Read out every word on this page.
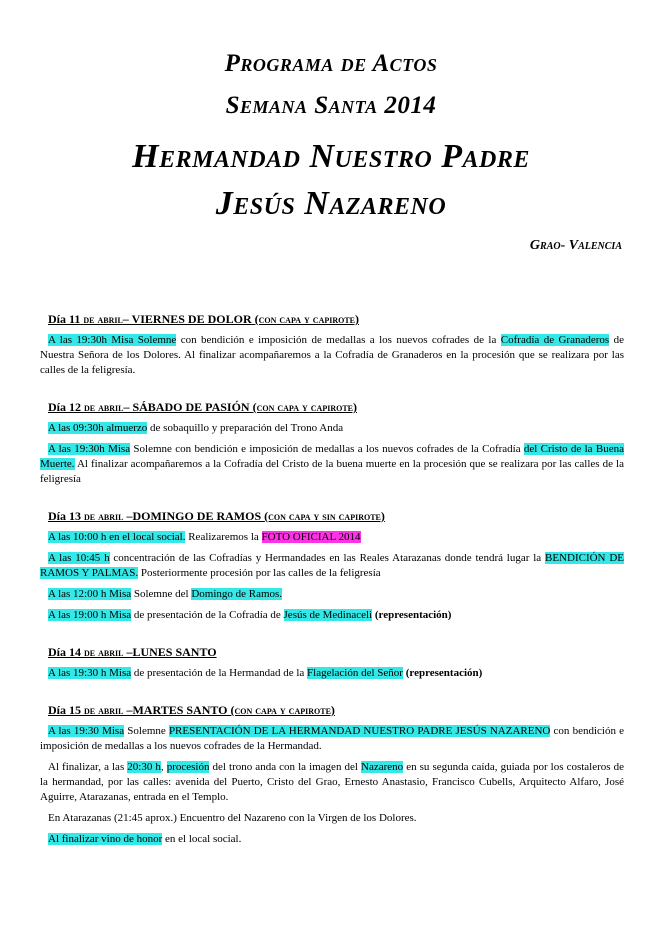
Programa de Actos
Semana Santa 2014
Hermandad Nuestro Padre
Jesús Nazareno
Grao- Valencia
Día 11 de abril– VIERNES DE DOLOR (con capa y capirote)

A las 19:30h Misa Solemne con bendición e imposición de medallas a los nuevos cofrades de la Cofradía de Granaderos de Nuestra Señora de los Dolores. Al finalizar acompañaremos a la Cofradía de Granaderos en la procesión que se realizara por las calles de la feligresía.

Día 12 de abril– SÁBADO DE PASIÓN (con capa y capirote)

A las 09:30h almuerzo de sobaquillo y preparación del Trono Anda

A las 19:30h Misa Solemne con bendición e imposición de medallas a los nuevos cofrades de la Cofradía del Cristo de la Buena Muerte. Al finalizar acompañaremos a la Cofradía del Cristo de la buena muerte en la procesión que se realizara por las calles de la feligresía

Día 13 de abril –DOMINGO DE RAMOS (con capa y sin capirote)

A las 10:00 h en el local social. Realizaremos la FOTO OFICIAL 2014

A las 10:45 h concentración de las Cofradías y Hermandades en las Reales Atarazanas donde tendrá lugar la BENDICIÓN DE RAMOS Y PALMAS. Posteriormente procesión por las calles de la feligresía

A las 12:00 h Misa Solemne del Domingo de Ramos.

A las 19:00 h Misa de presentación de la Cofradía de Jesús de Medinaceli (representación)

Día 14 de abril –LUNES SANTO

A las 19:30 h Misa de presentación de la Hermandad de la Flagelación del Señor (representación)

Día 15 de abril –MARTES SANTO (con capa y capirote)

A las 19:30 Misa Solemne PRESENTACIÓN DE LA HERMANDAD NUESTRO PADRE JESÚS NAZARENO con bendición e imposición de medallas a los nuevos cofrades de la Hermandad.

Al finalizar, a las 20:30 h, procesión del trono anda con la imagen del Nazareno en su segunda caída, guiada por los costaleros de la hermandad, por las calles: avenida del Puerto, Cristo del Grao, Ernesto Anastasio, Francisco Cubells, Arquitecto Alfaro, José Aguirre, Atarazanas, entrada en el Templo.

En Atarazanas (21:45 aprox.) Encuentro del Nazareno con la Virgen de los Dolores.

Al finalizar vino de honor en el local social.
